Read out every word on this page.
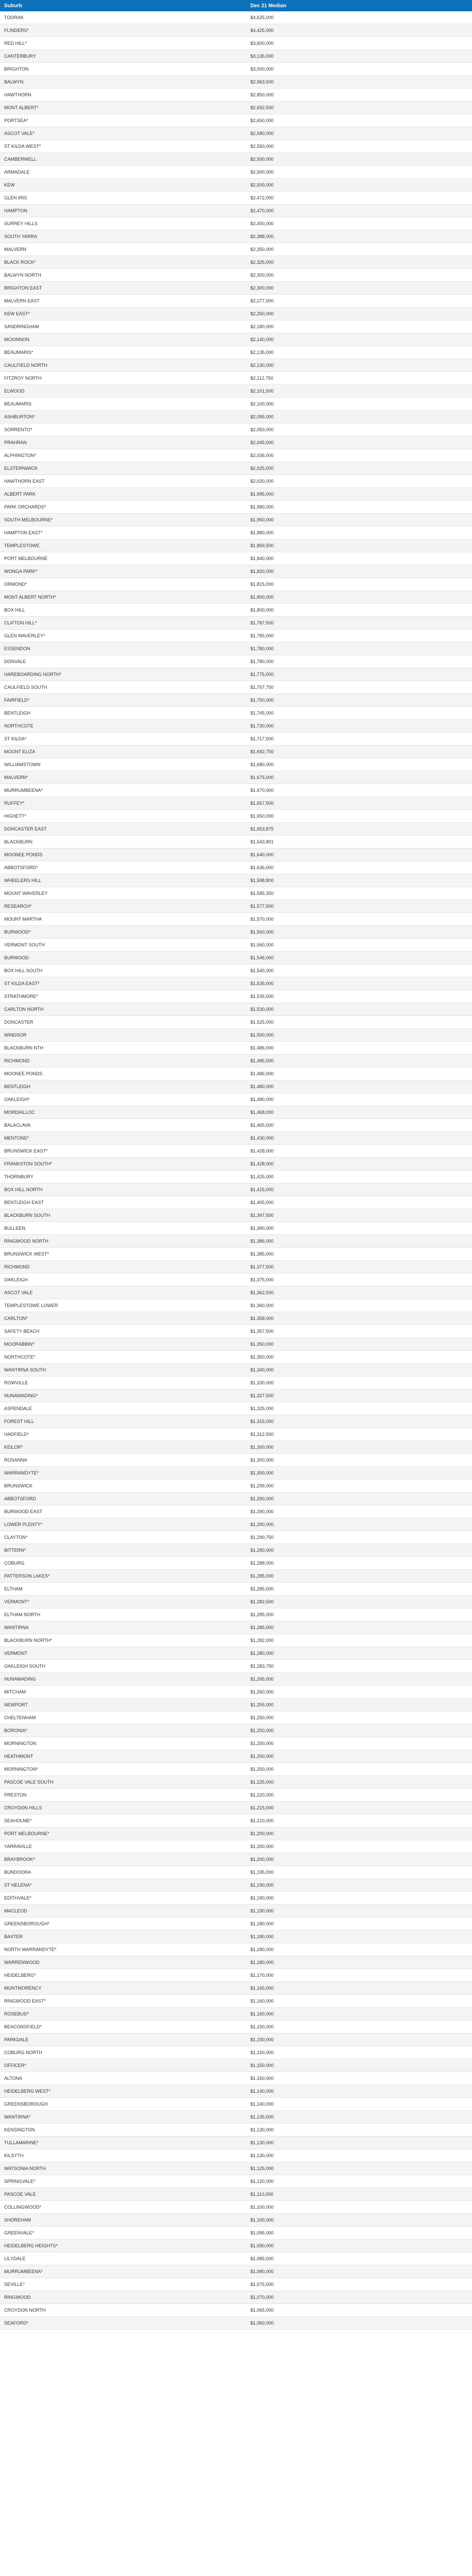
Suburb	Dec 21 Median
TOORAK	$4,625,000
FLINDERS*	$4,425,000
RED HILL*	$3,600,000
CANTERBURY	$3,135,000
BRIGHTON	$3,000,000
BALWYN	$2,963,500
HAWTHORN	$2,850,000
MONT ALBERT*	$2,692,500
PORTSEA*	$2,650,000
ASCOT VALE*	$2,580,000
ST KILDA WEST*	$2,550,000
CAMBERWELL	$2,500,000
ARMADALE	$2,500,000
KEW	$2,500,000
GLEN IRIS	$2,472,000
HAMPTON	$2,470,000
SURREY HILLS	$2,450,000
SOUTH YARRA	$2,388,000
MALVERN	$2,350,000
BLACK ROCK*	$2,325,000
BALWYN NORTH	$2,300,000
BRIGHTON EAST	$2,300,000
MALVERN EAST	$2,277,000
KEW EAST*	$2,250,000
SANDRINGHAM	$2,180,000
MCKINNON	$2,140,000
BEAUMARIS*	$2,135,000
CAULFIELD NORTH	$2,130,000
FITZROY NORTH	$2,112,750
ELWOOD	$2,101,500
BEAUMARIS	$2,100,000
ASHBURTON*	$2,095,000
SORRENTO*	$2,050,000
PRAHRAN	$2,045,000
ALPHINGTON*	$2,036,000
ELSTERNWICK	$2,025,000
HAWTHORN EAST	$2,020,000
ALBERT PARK	$1,995,000
PARK ORCHARDS*	$1,980,000
SOUTH MELBOURNE*	$1,950,000
HAMPTON EAST*	$1,880,000
TEMPLESTOWE	$1,859,500
PORT MELBOURNE	$1,840,000
WONGA PARK*	$1,820,000
ORMOND*	$1,815,000
MONT ALBERT NORTH*	$1,800,000
BOX HILL	$1,800,000
CLIFTON HILL*	$1,787,500
GLEN WAVERLEY*	$1,785,000
ESSENDON	$1,780,000
DONVALE	$1,780,000
HAREBOARDING NORTH*	$1,775,000
CAULFIELD SOUTH	$1,757,750
FAIRFIELD*	$1,750,000
BENTLEIGH	$1,745,000
NORTHCOTE	$1,730,000
ST KILDA*	$1,717,500
MOUNT ELIZA	$1,692,750
WILLIAMSTOWN	$1,680,000
MALVERN*	$1,675,000
MURRUMBEENA*	$1,670,000
RUFFEY*	$1,657,500
HIGHETT*	$1,650,000
DONCASTER EAST	$1,653,875
BLACKBURN	$1,643,801
MOONEE PONDS	$1,640,000
ABBOTSFORD*	$1,636,000
WHEELERS HILL	$1,598,800
MOUNT WAVERLEY	$1,585,350
RESEARCH*	$1,577,500
MOUNT MARTHA	$1,570,000
BURWOOD*	$1,560,000
VERMONT SOUTH	$1,560,000
BURWOOD	$1,546,000
BOX HILL SOUTH	$1,540,000
ST KILDA EAST*	$1,535,000
STRATHMORE*	$1,535,000
CARLTON NORTH	$1,530,000
DONCASTER	$1,525,000
WINDSOR	$1,500,000
BLACKBURN NTH	$1,486,000
RICHMOND	$1,485,000
MOONEE PONDS	$1,486,000
BENTLEIGH	$1,480,000
OAKLEIGH*	$1,480,000
MORDIALLOC	$1,468,000
BALACLAVA	$1,465,000
MENTONE*	$1,430,000
BRUNSWICK EAST*	$1,428,000
FRANKSTON SOUTH*	$1,428,000
THORNBURY	$1,425,000
BOX HILL NORTH	$1,415,000
BENTLEIGH EAST	$1,405,000
BLACKBURN SOUTH	$1,397,500
BULLEEN	$1,390,000
RINGWOOD NORTH	$1,386,000
BRUNSWICK WEST*	$1,385,000
RICHMOND	$1,377,500
OAKLEIGH	$1,375,000
ASCOT VALE	$1,362,500
TEMPLESTOWE LOWER	$1,360,000
CARLTON*	$1,358,000
SAFETY BEACH	$1,357,500
MOORABBIN*	$1,350,000
NORTHCOTE*	$1,350,000
WANTIRNA SOUTH	$1,340,000
ROWVILLE	$1,330,000
NUNAWADING*	$1,327,500
ASPENDALE	$1,325,000
FOREST HILL	$1,315,000
HADFIELD*	$1,312,500
KEILOR*	$1,300,000
ROSANNA	$1,300,000
WARRANDYTE*	$1,300,000
BRUNSWICK	$1,299,000
ABBOTSFORD	$1,290,000
BURWOOD EAST	$1,290,000
LOWER PLENTY*	$1,290,000
CLAYTON*	$1,290,750
BITTERN*	$1,290,000
COBURG	$1,288,000
PATTERSON LAKES*	$1,285,000
ELTHAM	$1,285,000
VERMONT*	$1,282,500
ELTHAM NORTH	$1,285,000
WANTIRNA	$1,285,000
BLACKBURN NORTH*	$1,282,000
VERMONT	$1,280,000
OAKLEIGH SOUTH	$1,283,750
NUNAWADING	$1,265,000
MITCHAM	$1,260,000
NEWPORT	$1,255,000
CHELTENHAM	$1,250,000
BORONIA*	$1,250,000
MORNINGTON	$1,250,000
HEATHMONT	$1,250,000
MORNINGTON*	$1,250,000
PASCOE VALE SOUTH	$1,225,000
PRESTON	$1,220,000
CROYDON HILLS	$1,215,000
SEAHOLME*	$1,210,000
PORT MELBOURNE*	$1,200,000
YARRAVILLE	$1,200,000
BRAYBROOK*	$1,200,000
BUNDOORA	$1,195,000
ST HELENA*	$1,190,000
EDITHVALE*	$1,190,000
MACLEOD	$1,190,000
GREENSBOROUGH*	$1,180,000
BAXTER	$1,180,000
NORTH WARRANDYTE*	$1,180,000
WARRENWOOD	$1,180,000
HEIDELBERG*	$1,170,000
MONTMORENCY	$1,165,000
RINGWOOD EAST*	$1,160,000
ROSEBUD*	$1,160,000
BEACONSFIELD*	$1,150,000
PARKDALE	$1,150,000
COBURG NORTH	$1,150,000
OFFICER*	$1,150,000
ALTONA	$1,150,000
HEIDELBERG WEST*	$1,140,000
GREENSBOROUGH	$1,140,000
WANTIRNA*	$1,135,000
KENSINGTON	$1,130,000
TULLAMARINE*	$1,130,000
KILSYTH	$1,130,000
WATSONIA NORTH	$1,125,000
SPRINGVALE*	$1,120,000
PASCOE VALE	$1,110,000
COLLINGWOOD*	$1,100,000
SHOREHAM	$1,100,000
GREENVALE*	$1,095,000
HEIDELBERG HEIGHTS*	$1,090,000
LILYDALE	$1,085,000
MURRUMBEENA*	$1,080,000
SEVILLE*	$1,075,000
RINGWOOD	$1,070,000
CROYDON NORTH	$1,065,000
SEAFORD*	$1,060,000
